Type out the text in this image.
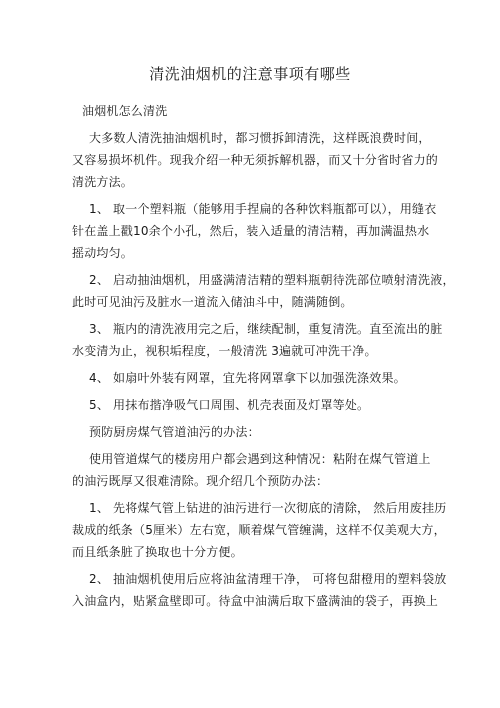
清洗油烟机的注意事项有哪些
油烟机怎么清洗
大多数人清洗抽油烟机时，都习惯拆卸清洗，这样既浪费时间，
又容易损坏机件。现我介绍一种无须拆解机器，而又十分省时省力的
清洗方法。
1、 取一个塑料瓶（能够用手捏扁的各种饮料瓶都可以），用缝衣
针在盖上戳10余个小孔，然后，装入适量的清洁精，再加满温热水
摇动均匀。
2、 启动抽油烟机，用盛满清洁精的塑料瓶朝待洗部位喷射清洗液，
此时可见油污及脏水一道流入储油斗中，随满随倒。
3、 瓶内的清洗液用完之后，继续配制，重复清洗。直至流出的脏
水变清为止，视积垢程度，一般清洗 3遍就可冲洗干净。
4、 如扇叶外装有网罩，宜先将网罩拿下以加强洗涤效果。
5、 用抹布揩净吸气口周围、机壳表面及灯罩等处。
预防厨房煤气管道油污的办法：
使用管道煤气的楼房用户都会遇到这种情况：粘附在煤气管道上
的油污既厚又很难清除。现介绍几个预防办法：
1、 先将煤气管上钻进的油污进行一次彻底的清除， 然后用废挂历
裁成的纸条（5厘米）左右宽，顺着煤气管缠满，这样不仅美观大方，
而且纸条脏了换取也十分方便。
2、 抽油烟机使用后应将油盆清理干净， 可将包甜橙用的塑料袋放
入油盒内，贴紧盒壁即可。待盒中油满后取下盛满油的袋子，再换上
